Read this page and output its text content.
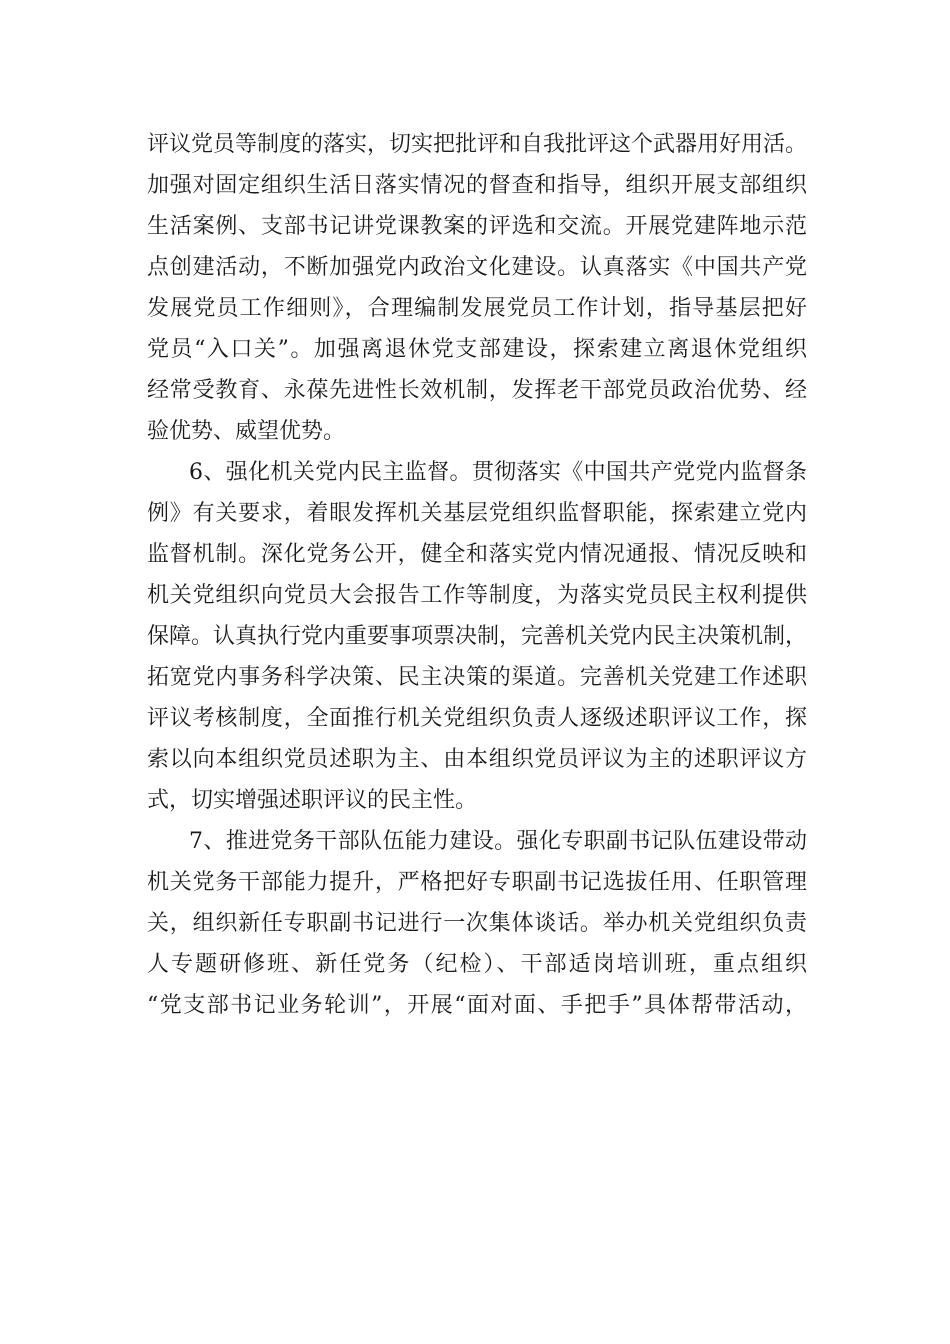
评议党员等制度的落实，切实把批评和自我批评这个武器用好用活。

加强对固定组织生活日落实情况的督查和指导，组织开展支部组织

生活案例、支部书记讲党课教案的评选和交流。开展党建阵地示范

点创建活动，不断加强党内政治文化建设。认真落实《中国共产党

发展党员工作细则》，合理编制发展党员工作计划，指导基层把好

党员“入口关”。加强离退休党支部建设，探索建立离退休党组织

经常受教育、永葆先进性长效机制，发挥老干部党员政治优势、经

验优势、威望优势。

6、强化机关党内民主监督。贯彻落实《中国共产党党内监督条

例》有关要求，着眼发挥机关基层党组织监督职能，探索建立党内

监督机制。深化党务公开，健全和落实党内情况通报、情况反映和

机关党组织向党员大会报告工作等制度，为落实党员民主权利提供

保障。认真执行党内重要事项票决制，完善机关党内民主决策机制，

拓宽党内事务科学决策、民主决策的渠道。完善机关党建工作述职

评议考核制度，全面推行机关党组织负责人逐级述职评议工作，探

索以向本组织党员述职为主、由本组织党员评议为主的述职评议方

式，切实增强述职评议的民主性。

7、推进党务干部队伍能力建设。强化专职副书记队伍建设带动

机关党务干部能力提升，严格把好专职副书记选拔任用、任职管理

关，组织新任专职副书记进行一次集体谈话。举办机关党组织负责

人专题研修班、新任党务（纪检）、干部适岗培训班，重点组织

“党支部书记业务轮训”，开展“面对面、手把手”具体帮带活动，
